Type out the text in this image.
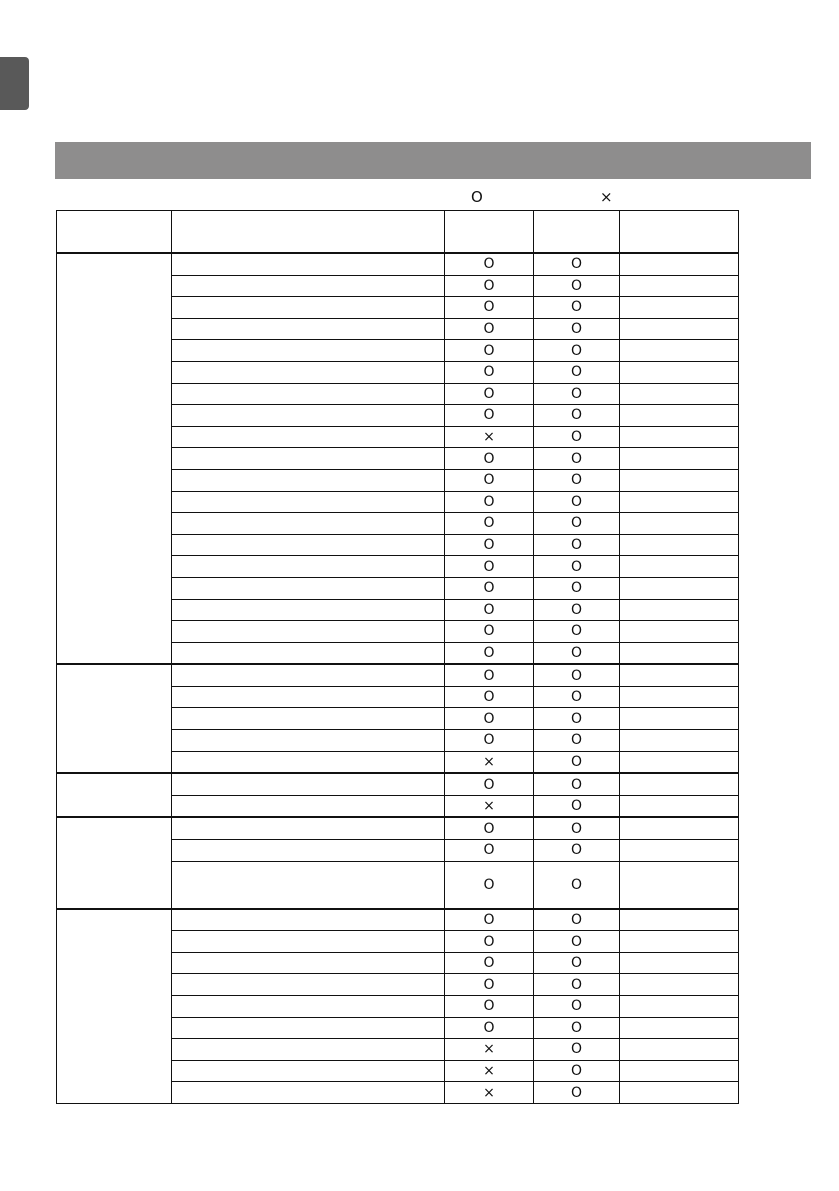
O	×

		O	O	
		O	O	
		O	O	
		O	O	
		O	O	
		O	O	
		O	O	
		O	O	
		×	O	
		O	O	
		O	O	
		O	O	
		O	O	
		O	O	
		O	O	
		O	O	
		O	O	
		O	O	
		O	O	
		O	O	
		O	O	
		O	O	
		O	O	
		×	O	
		O	O	
		×	O	
		O	O	
		O	O	
		O	O	
		O	O	
		O	O	
		O	O	
		O	O	
		O	O	
		O	O	
		×	O	
		×	O	
		×	O	
